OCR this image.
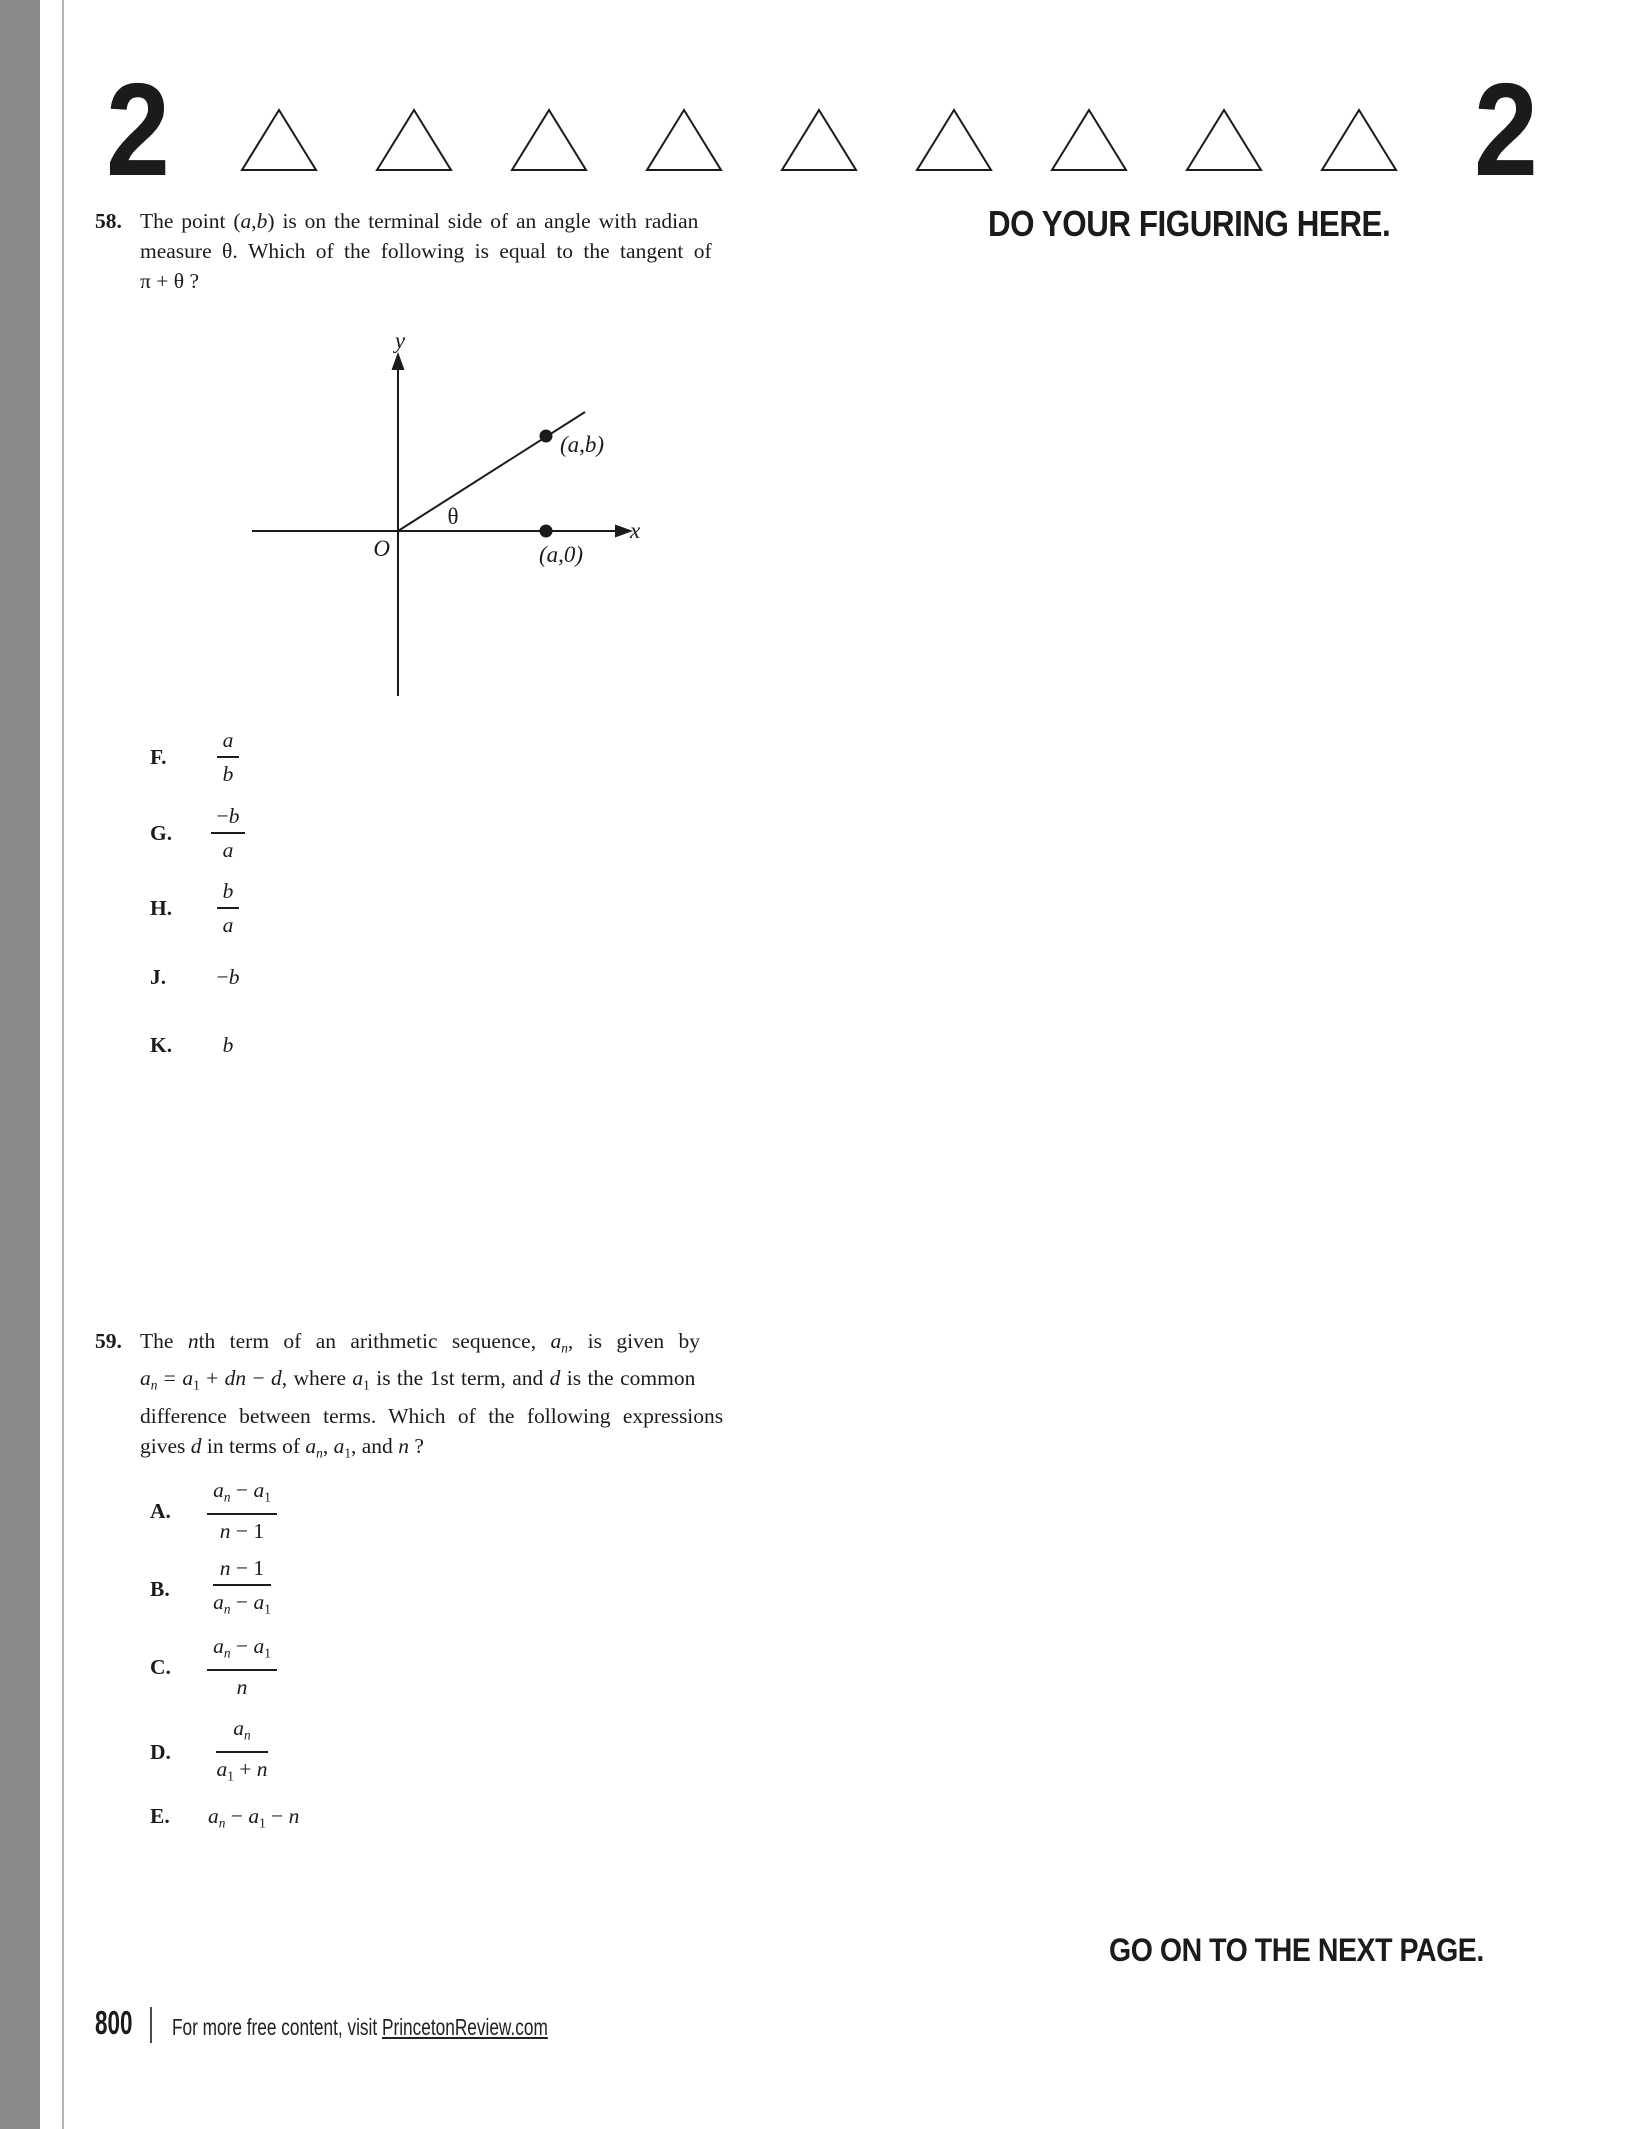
2	2
DO YOUR FIGURING HERE.
58. The point (a,b) is on the terminal side of an angle with radian
measure θ. Which of the following is equal to the tangent of
π + θ ?
y
x
O
θ
(a,b)
(a,0)
F.	$\frac{a}{b}$
G.	$\frac{-b}{a}$
H.	$\frac{b}{a}$
J.	−b
K.	b
59. The nth term of an arithmetic sequence, an, is given by
an = $a_1$ + dn − d, where $a_1$ is the 1st term, and d is the common
difference between terms. Which of the following expressions
gives d in terms of an, $a_1$, and n ?
A.	$\frac{an - a_1}{n - 1}$
B.	$\frac{n - 1}{an - a_1}$
C.	$\frac{an - a_1}{n}$
D.	$\frac{an}{a_1 + n}$
E.	an − $a_1 - n$
GO ON TO THE NEXT PAGE.
800 For more free content, visit PrincetonReview.com
